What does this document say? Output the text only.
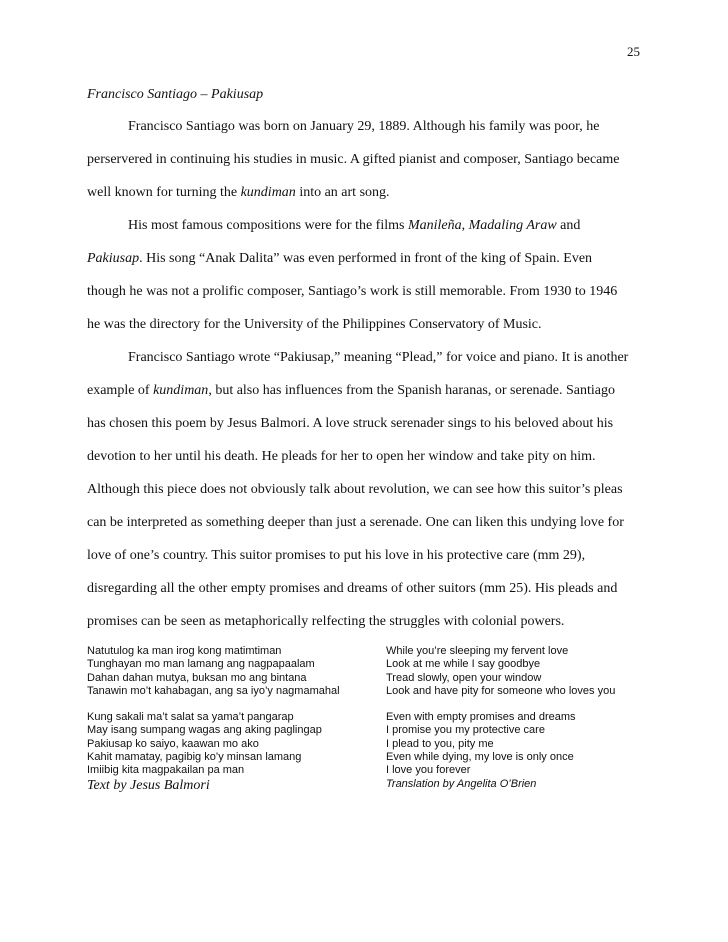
25
Francisco Santiago – Pakiusap
Francisco Santiago was born on January 29, 1889. Although his family was poor, he
perservered in continuing his studies in music. A gifted pianist and composer, Santiago became
well known for turning the kundiman into an art song.
His most famous compositions were for the films Manileña, Madaling Araw and
Pakiusap. His song “Anak Dalita” was even performed in front of the king of Spain. Even
though he was not a prolific composer, Santiago’s work is still memorable. From 1930 to 1946
he was the directory for the University of the Philippines Conservatory of Music.
Francisco Santiago wrote “Pakiusap,” meaning “Plead,” for voice and piano. It is another
example of kundiman, but also has influences from the Spanish haranas, or serenade. Santiago
has chosen this poem by Jesus Balmori. A love struck serenader sings to his beloved about his
devotion to her until his death. He pleads for her to open her window and take pity on him.
Although this piece does not obviously talk about revolution, we can see how this suitor’s pleas
can be interpreted as something deeper than just a serenade. One can liken this undying love for
love of one’s country. This suitor promises to put his love in his protective care (mm 29),
disregarding all the other empty promises and dreams of other suitors (mm 25). His pleads and
promises can be seen as metaphorically relfecting the struggles with colonial powers.
Natutulog ka man irog kong matimtiman
Tunghayan mo man lamang ang nagpapaalam
Dahan dahan mutya, buksan mo ang bintana
Tanawin mo’t kahabagan, ang sa iyo’y nagmamahal
Kung sakali ma’t salat sa yama’t pangarap
May isang sumpang wagas ang aking paglingap
Pakiusap ko saiyo, kaawan mo ako
Kahit mamatay, pagibig ko’y minsan lamang
Imiibig kita magpakailan pa man
Text by Jesus Balmori
While you’re sleeping my fervent love
Look at me while I say goodbye
Tread slowly, open your window
Look and have pity for someone who loves you
Even with empty promises and dreams
I promise you my protective care
I plead to you, pity me
Even while dying, my love is only once
I love you forever
Translation by Angelita O’Brien
